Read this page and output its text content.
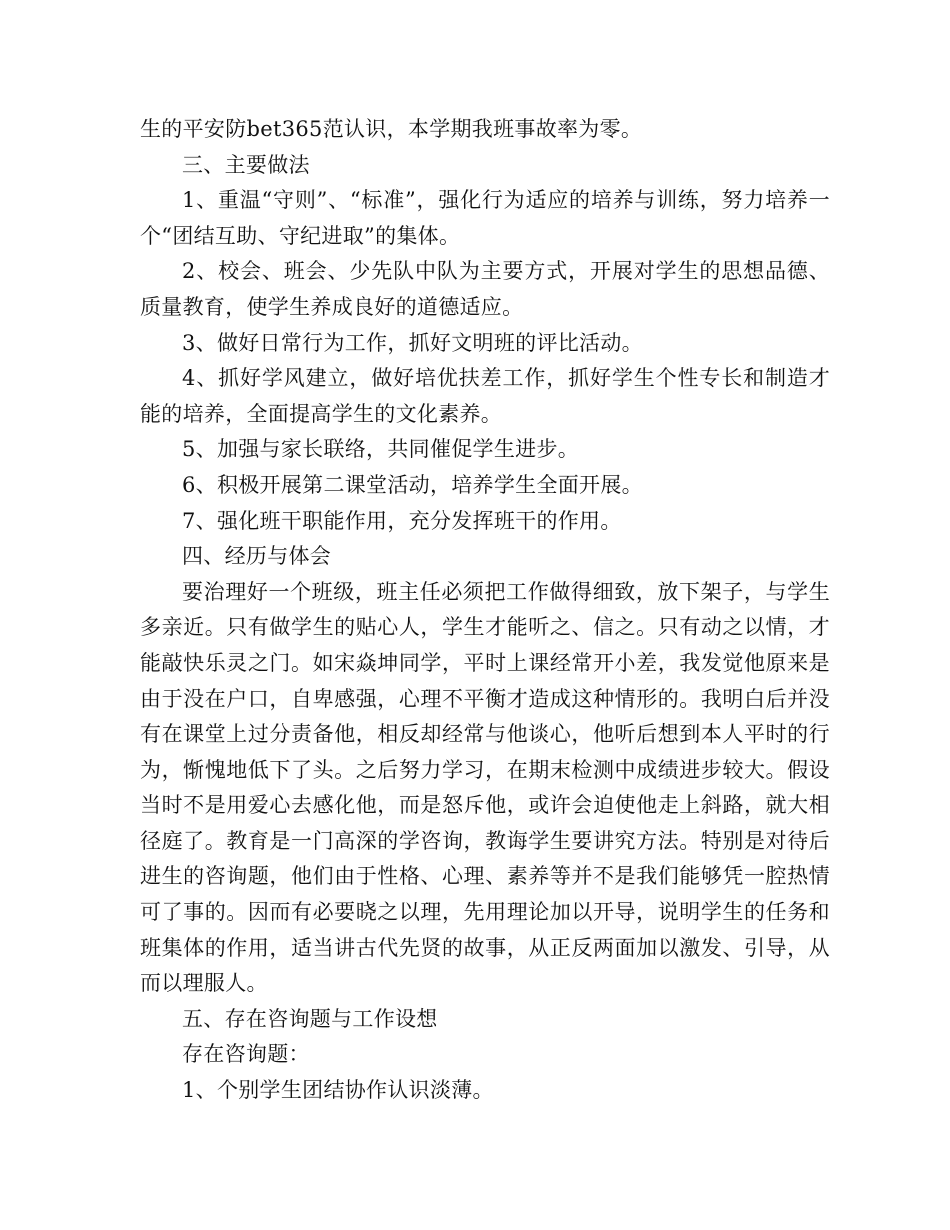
生的平安防bet365范认识，本学期我班事故率为零。

三、主要做法

1、重温“守则”、“标准”，强化行为适应的培养与训练，努力培养一个“团结互助、守纪进取”的集体。

2、校会、班会、少先队中队为主要方式，开展对学生的思想品德、质量教育，使学生养成良好的道德适应。

3、做好日常行为工作，抓好文明班的评比活动。

4、抓好学风建立，做好培优扶差工作，抓好学生个性专长和制造才能的培养，全面提高学生的文化素养。

5、加强与家长联络，共同催促学生进步。

6、积极开展第二课堂活动，培养学生全面开展。

7、强化班干职能作用，充分发挥班干的作用。

四、经历与体会

要治理好一个班级，班主任必须把工作做得细致，放下架子，与学生多亲近。只有做学生的贴心人，学生才能听之、信之。只有动之以情，才能敲快乐灵之门。如宋焱坤同学，平时上课经常开小差，我发觉他原来是由于没在户口，自卑感强，心理不平衡才造成这种情形的。我明白后并没有在课堂上过分责备他，相反却经常与他谈心，他听后想到本人平时的行为，惭愧地低下了头。之后努力学习，在期末检测中成绩进步较大。假设当时不是用爱心去感化他，而是怒斥他，或许会迫使他走上斜路，就大相径庭了。教育是一门高深的学咨询，教诲学生要讲究方法。特别是对待后进生的咨询题，他们由于性格、心理、素养等并不是我们能够凭一腔热情可了事的。因而有必要晓之以理，先用理论加以开导，说明学生的任务和班集体的作用，适当讲古代先贤的故事，从正反两面加以激发、引导，从而以理服人。

五、存在咨询题与工作设想

存在咨询题：

1、个别学生团结协作认识淡薄。
